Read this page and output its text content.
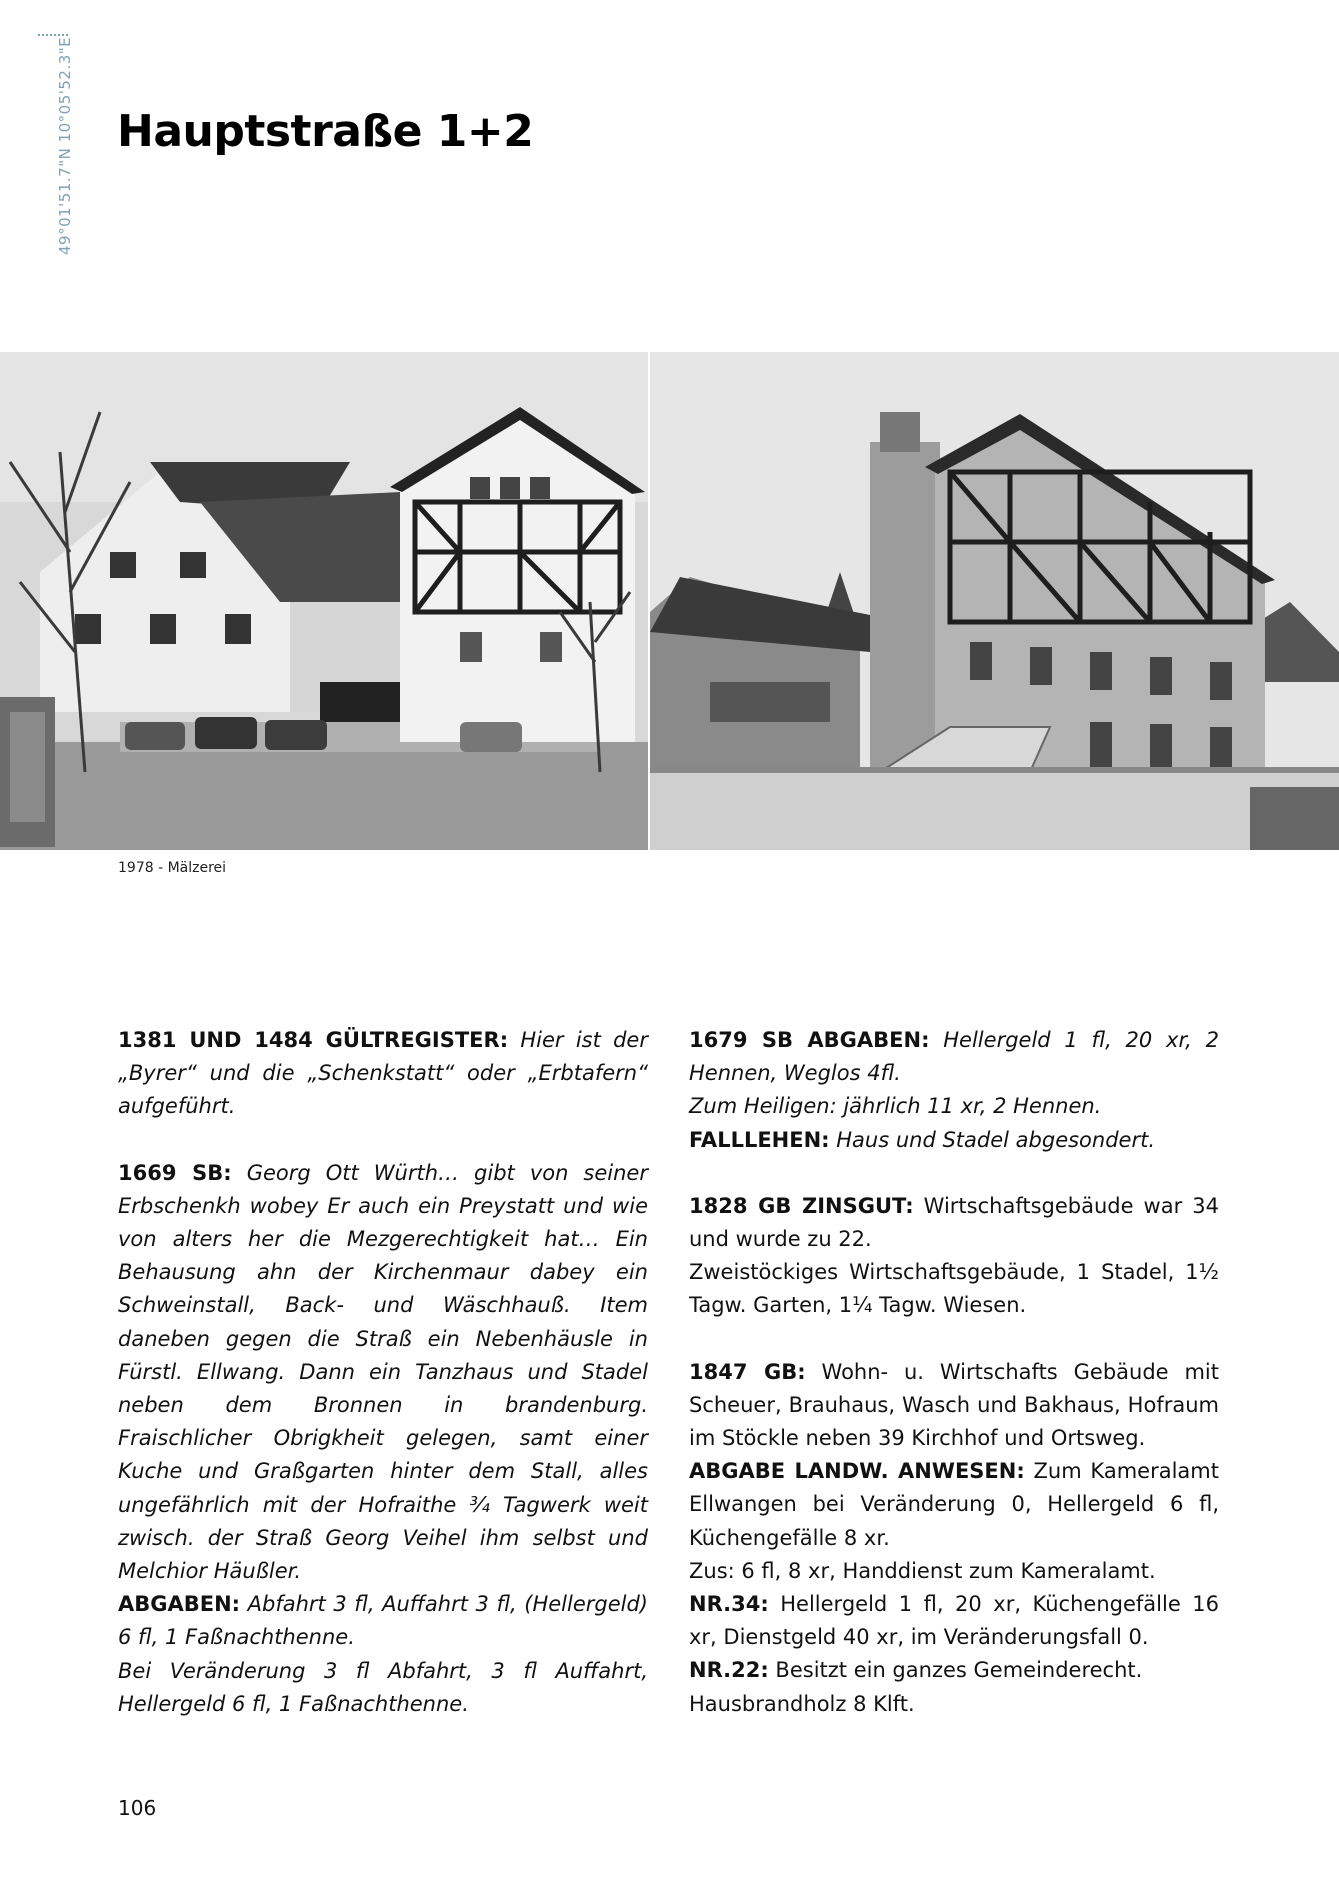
49°01'51.7"N 10°05'52.3"E Hauptstraße 1+2
1978 - Mälzerei

1381 UND 1484 GÜLTREGISTER: Hier ist der „Byrer“ und die „Schenkstatt“ oder „Erbtafern“ aufgeführt.

1669 SB: Georg Ott Würth… gibt von seiner Erbschenkh wobey Er auch ein Preystatt und wie von alters her die Mezgerechtigkeit hat… Ein Behausung ahn der Kirchenmaur dabey ein Schweinstall, Back- und Wäschhauß. Item daneben gegen die Straß ein Nebenhäusle in Fürstl. Ellwang. Dann ein Tanzhaus und Stadel neben dem Bronnen in brandenburg. Fraischlicher Obrigkheit gelegen, samt einer Kuche und Graßgarten hinter dem Stall, alles ungefährlich mit der Hofraithe ¾ Tagwerk weit zwisch. der Straß Georg Veihel ihm selbst und Melchior Häußler.

ABGABEN: Abfahrt 3 fl, Auffahrt 3 fl, (Hellergeld) 6 fl, 1 Faßnachthenne.

Bei Veränderung 3 fl Abfahrt, 3 fl Auffahrt, Hellergeld 6 fl, 1 Faßnachthenne.

1679 SB ABGABEN: Hellergeld 1 fl, 20 xr, 2 Hennen, Weglos 4fl.

Zum Heiligen: jährlich 11 xr, 2 Hennen.

FALLLEHEN: Haus und Stadel abgesondert.

1828 GB ZINSGUT: Wirtschaftsgebäude war 34 und wurde zu 22.

Zweistöckiges Wirtschaftsgebäude, 1 Stadel, 1½ Tagw. Garten, 1¼ Tagw. Wiesen.

1847 GB: Wohn- u. Wirtschafts Gebäude mit Scheuer, Brauhaus, Wasch und Bakhaus, Hofraum im Stöckle neben 39 Kirchhof und Ortsweg.

ABGABE LANDW. ANWESEN: Zum Kameralamt Ellwangen bei Veränderung 0, Hellergeld 6 fl, Küchengefälle 8 xr.

Zus: 6 fl, 8 xr, Handdienst zum Kameralamt.

NR.34: Hellergeld 1 fl, 20 xr, Küchengefälle 16 xr, Dienstgeld 40 xr, im Veränderungsfall 0.

NR.22: Besitzt ein ganzes Gemeinderecht.

Hausbrandholz 8 Klft.

106
